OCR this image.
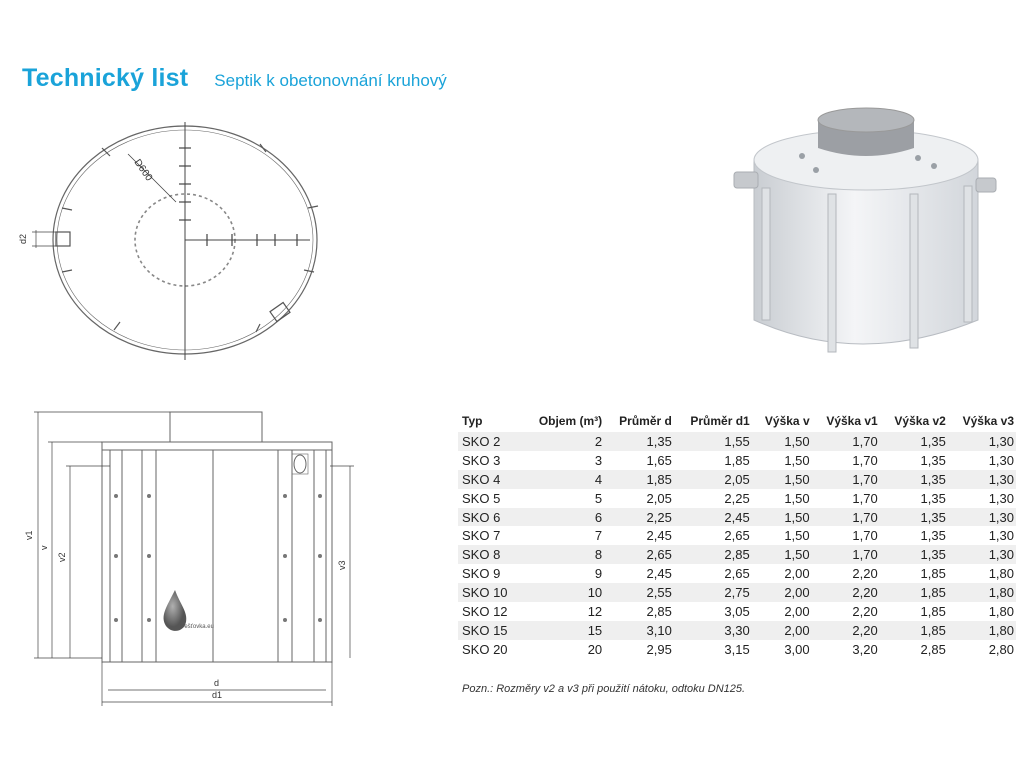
Technický list Septik k obetonovnání kruhový
D600
d2
Dešťovka.eu
v1
v
v2
v3
d
d1
Typ	Objem (m³)	Průměr d	Průměr d1	Výška v	Výška v1	Výška v2	Výška v3
SKO 2	2	1,35	1,55	1,50	1,70	1,35	1,30
SKO 3	3	1,65	1,85	1,50	1,70	1,35	1,30
SKO 4	4	1,85	2,05	1,50	1,70	1,35	1,30
SKO 5	5	2,05	2,25	1,50	1,70	1,35	1,30
SKO 6	6	2,25	2,45	1,50	1,70	1,35	1,30
SKO 7	7	2,45	2,65	1,50	1,70	1,35	1,30
SKO 8	8	2,65	2,85	1,50	1,70	1,35	1,30
SKO 9	9	2,45	2,65	2,00	2,20	1,85	1,80
SKO 10	10	2,55	2,75	2,00	2,20	1,85	1,80
SKO 12	12	2,85	3,05	2,00	2,20	1,85	1,80
SKO 15	15	3,10	3,30	2,00	2,20	1,85	1,80
SKO 20	20	2,95	3,15	3,00	3,20	2,85	2,80
Pozn.: Rozměry v2 a v3 při použití nátoku, odtoku DN125.
